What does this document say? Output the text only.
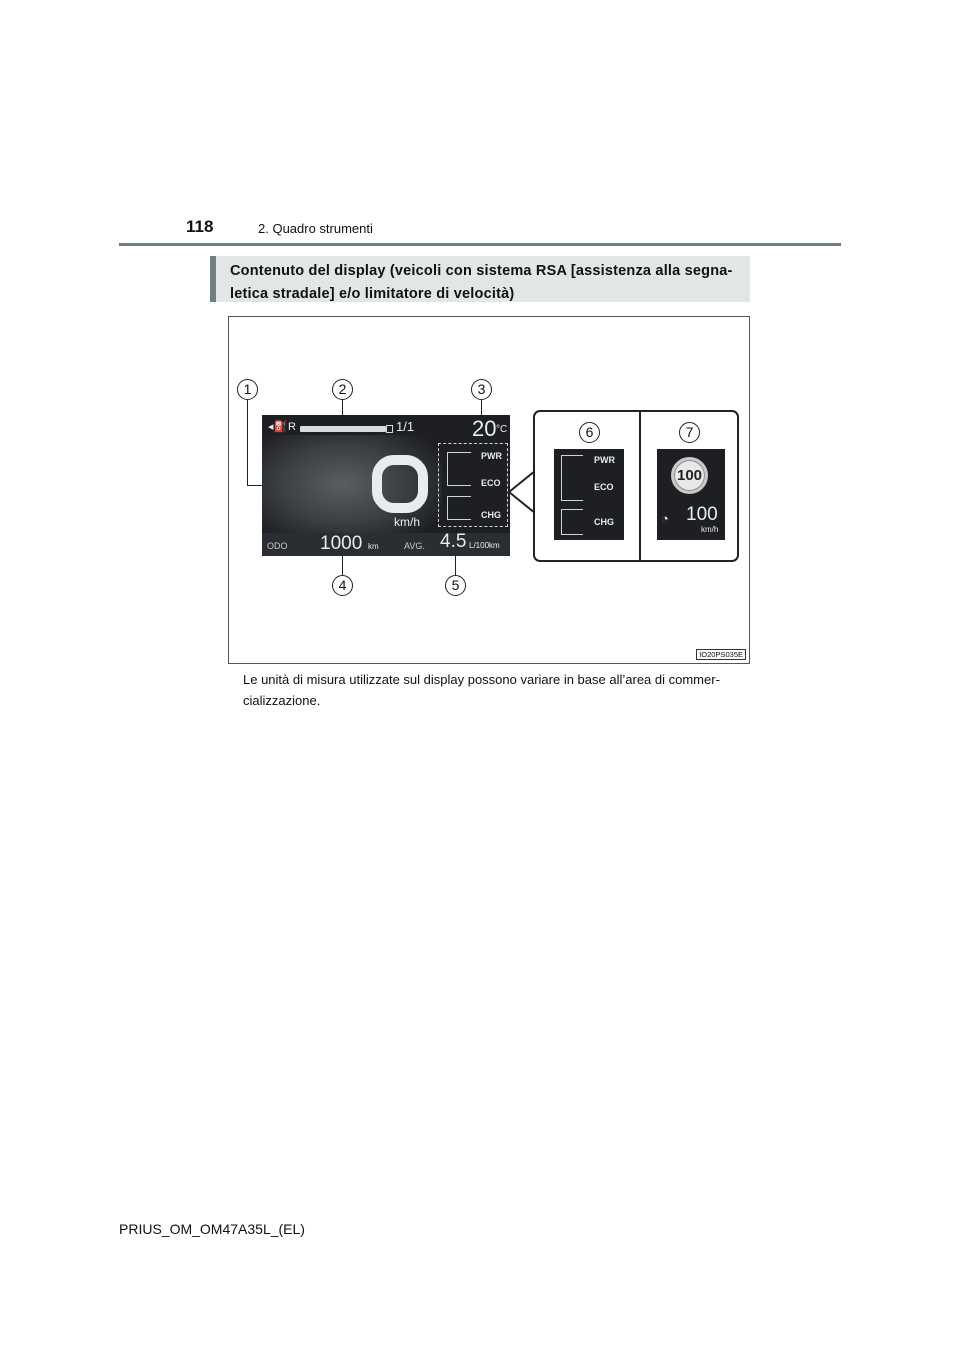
118	2. Quadro strumenti
Contenuto del display (veicoli con sistema RSA [assistenza alla segna-letica stradale] e/o limitatore di velocità)
1	2	3
4	5
◂⛽ R	1/1	20 °C
km/h
PWR
ECO
CHG
ODO 1000 km	AVG. 4.5 L/100km
6	7
PWR
ECO
CHG
100
◔ 100
km/h
IO20PS035E
Le unità di misura utilizzate sul display possono variare in base all’area di commer-cializzazione.
PRIUS_OM_OM47A35L_(EL)
